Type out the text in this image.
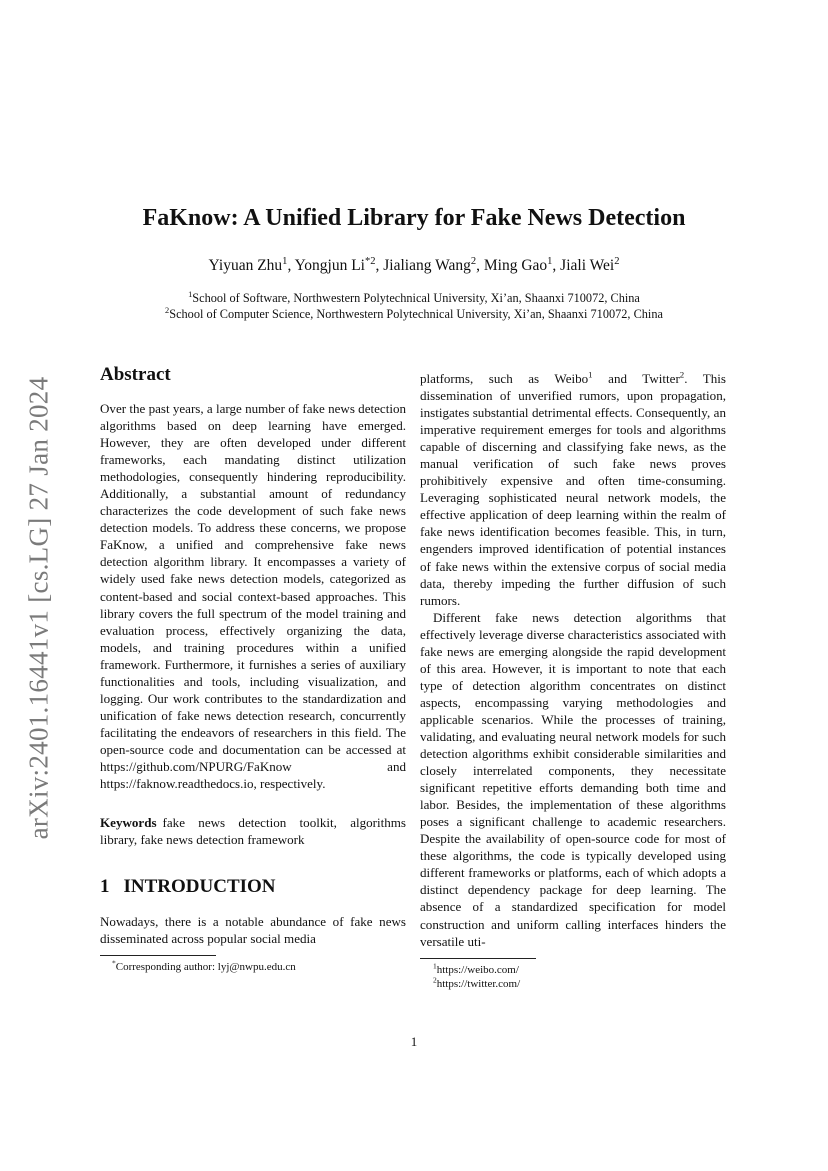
arXiv:2401.16441v1 [cs.LG] 27 Jan 2024
FaKnow: A Unified Library for Fake News Detection
Yiyuan Zhu$^1$, Yongjun Li$^{*2}$, Jialiang Wang$^2$, Ming Gao$^1$, Jiali Wei$^2$
$^1$School of Software, Northwestern Polytechnical University, Xi’an, Shaanxi 710072, China
$^2$School of Computer Science, Northwestern Polytechnical University, Xi’an, Shaanxi 710072, China
Abstract

Over the past years, a large number of fake news detection algorithms based on deep learning have emerged. However, they are often developed under different frameworks, each mandating distinct utilization methodologies, consequently hindering reproducibility. Additionally, a substantial amount of redundancy characterizes the code development of such fake news detection models. To address these concerns, we propose FaKnow, a unified and comprehensive fake news detection algorithm library. It encompasses a variety of widely used fake news detection models, categorized as content-based and social context-based approaches. This library covers the full spectrum of the model training and evaluation process, effectively organizing the data, models, and training procedures within a unified framework. Furthermore, it furnishes a series of auxiliary functionalities and tools, including visualization, and logging. Our work contributes to the standardization and unification of fake news detection research, concurrently facilitating the endeavors of researchers in this field. The open-source code and documentation can be accessed at https://github.com/NPURG/FaKnow and https://faknow.readthedocs.io, respectively.

Keywords fake news detection toolkit, algorithms library, fake news detection framework

1 INTRODUCTION

Nowadays, there is a notable abundance of fake news disseminated across popular social media

*Corresponding author: lyj@nwpu.edu.cn

platforms, such as Weibo$^1$ and Twitter$^2$. This dissemination of unverified rumors, upon propagation, instigates substantial detrimental effects. Consequently, an imperative requirement emerges for tools and algorithms capable of discerning and classifying fake news, as the manual verification of such fake news proves prohibitively expensive and often time-consuming. Leveraging sophisticated neural network models, the effective application of deep learning within the realm of fake news identification becomes feasible. This, in turn, engenders improved identification of potential instances of fake news within the extensive corpus of social media data, thereby impeding the further diffusion of such rumors.

Different fake news detection algorithms that effectively leverage diverse characteristics associated with fake news are emerging alongside the rapid development of this area. However, it is important to note that each type of detection algorithm concentrates on distinct aspects, encompassing varying methodologies and applicable scenarios. While the processes of training, validating, and evaluating neural network models for such detection algorithms exhibit considerable similarities and closely interrelated components, they necessitate significant repetitive efforts demanding both time and labor. Besides, the implementation of these algorithms poses a significant challenge to academic researchers. Despite the availability of open-source code for most of these algorithms, the code is typically developed using different frameworks or platforms, each of which adopts a distinct dependency package for deep learning. The absence of a standardized specification for model construction and uniform calling interfaces hinders the versatile uti-

$^1$https://weibo.com/

$^2$https://twitter.com/

1
